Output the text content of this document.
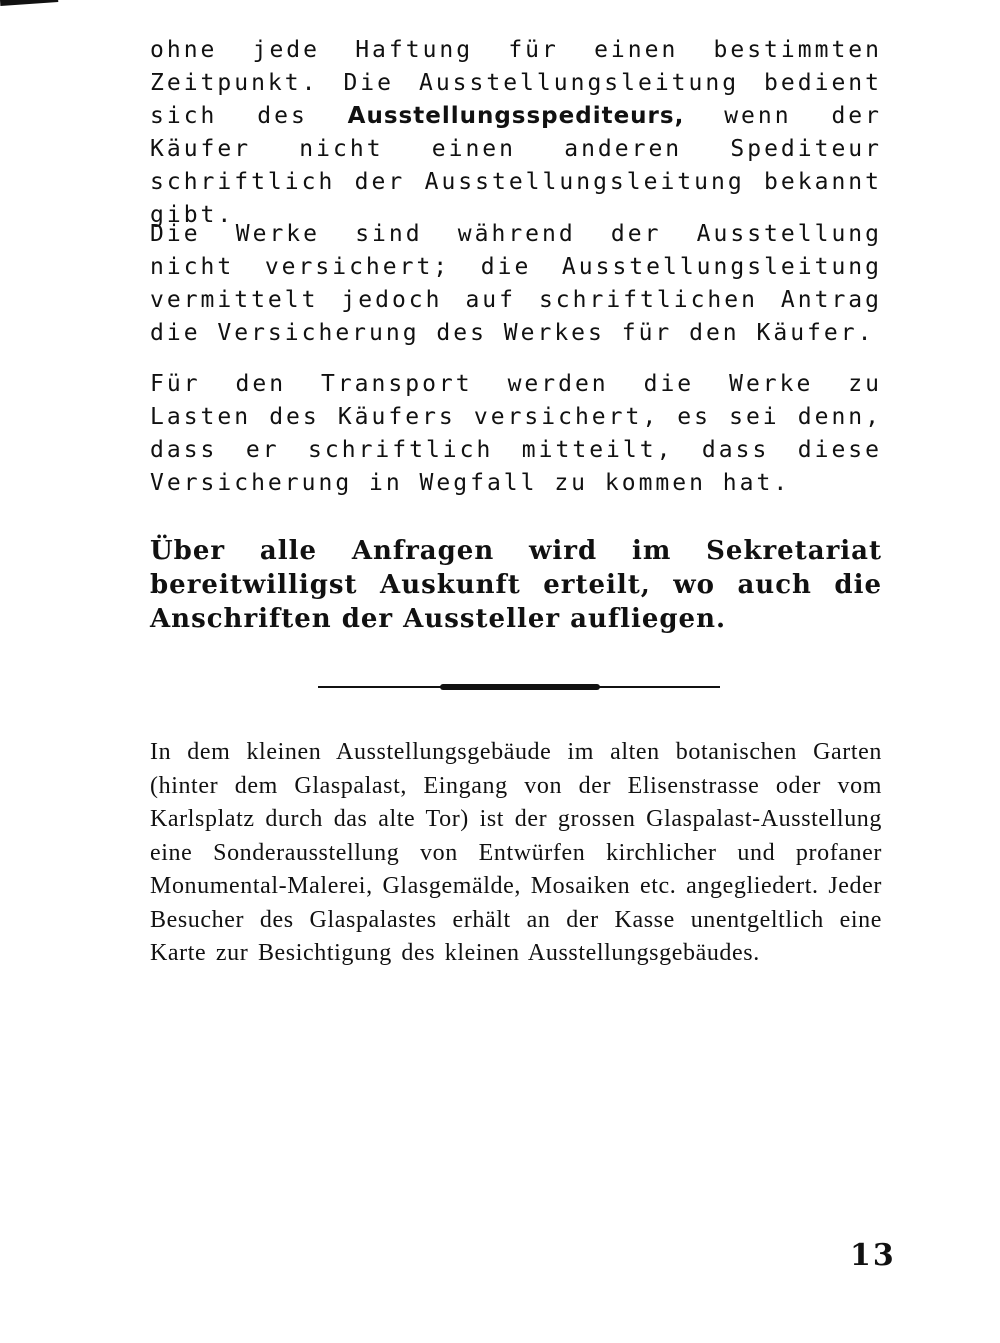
ohne jede Haftung für einen bestimmten Zeitpunkt. Die Ausstellungsleitung bedient sich des Ausstellungsspediteurs, wenn der Käufer nicht einen anderen Spediteur schriftlich der Ausstellungsleitung bekannt gibt.

Die Werke sind während der Ausstellung nicht versichert; die Ausstellungsleitung vermittelt jedoch auf schriftlichen Antrag die Versicherung des Werkes für den Käufer.

Für den Transport werden die Werke zu Lasten des Käufers versichert, es sei denn, dass er schriftlich mitteilt, dass diese Versicherung in Wegfall zu kommen hat.

Über alle Anfragen wird im Sekretariat bereitwilligst Auskunft erteilt, wo auch die Anschriften der Aussteller aufliegen.

In dem kleinen Ausstellungsgebäude im alten botanischen Garten (hinter dem Glaspalast, Eingang von der Elisenstrasse oder vom Karlsplatz durch das alte Tor) ist der grossen Glaspalast-Ausstellung eine Sonderausstellung von Entwürfen kirchlicher und profaner Monumental-Malerei, Glasgemälde, Mosaiken etc. angegliedert. Jeder Besucher des Glaspalastes erhält an der Kasse unentgeltlich eine Karte zur Besichtigung des kleinen Ausstellungsgebäudes.

13
